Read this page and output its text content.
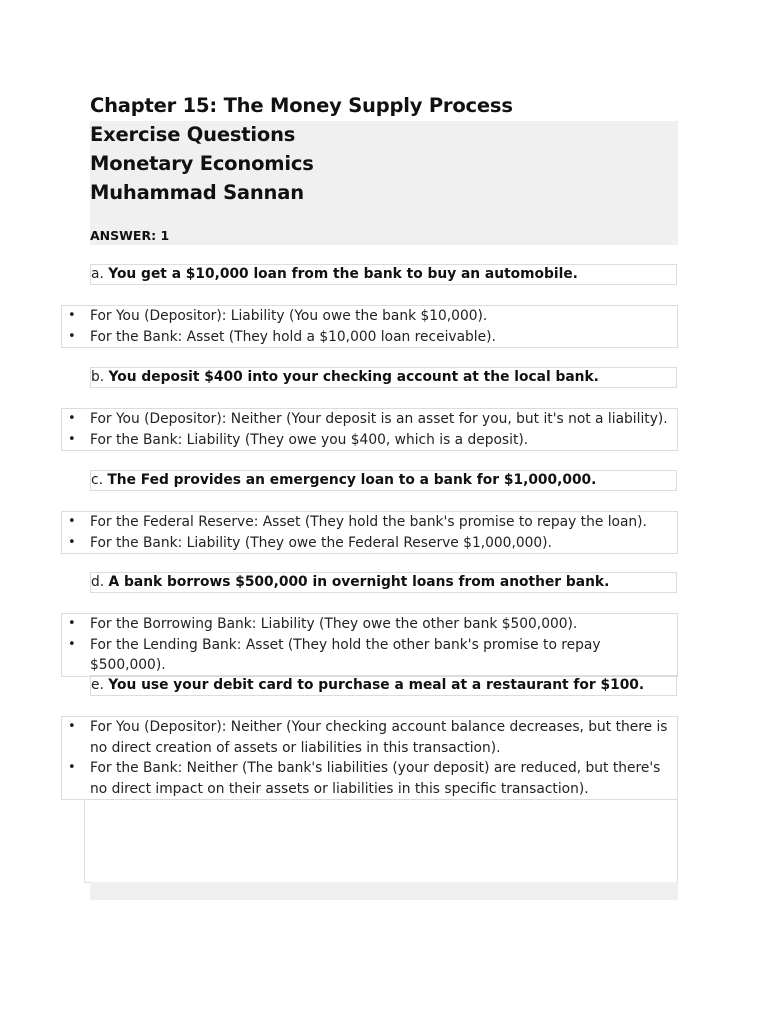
Chapter 15: The Money Supply Process
Exercise Questions
Monetary Economics
Muhammad Sannan
ANSWER: 1
a. You get a $10,000 loan from the bank to buy an automobile.
• For You (Depositor): Liability (You owe the bank $10,000).
• For the Bank: Asset (They hold a $10,000 loan receivable).
b. You deposit $400 into your checking account at the local bank.
• For You (Depositor): Neither (Your deposit is an asset for you, but it's not a liability).
• For the Bank: Liability (They owe you $400, which is a deposit).
c. The Fed provides an emergency loan to a bank for $1,000,000.
• For the Federal Reserve: Asset (They hold the bank's promise to repay the loan).
• For the Bank: Liability (They owe the Federal Reserve $1,000,000).
d. A bank borrows $500,000 in overnight loans from another bank.
• For the Borrowing Bank: Liability (They owe the other bank $500,000).
• For the Lending Bank: Asset (They hold the other bank's promise to repay $500,000).
e. You use your debit card to purchase a meal at a restaurant for $100.
• For You (Depositor): Neither (Your checking account balance decreases, but there is no direct creation of assets or liabilities in this transaction).
• For the Bank: Neither (The bank's liabilities (your deposit) are reduced, but there's no direct impact on their assets or liabilities in this specific transaction).
